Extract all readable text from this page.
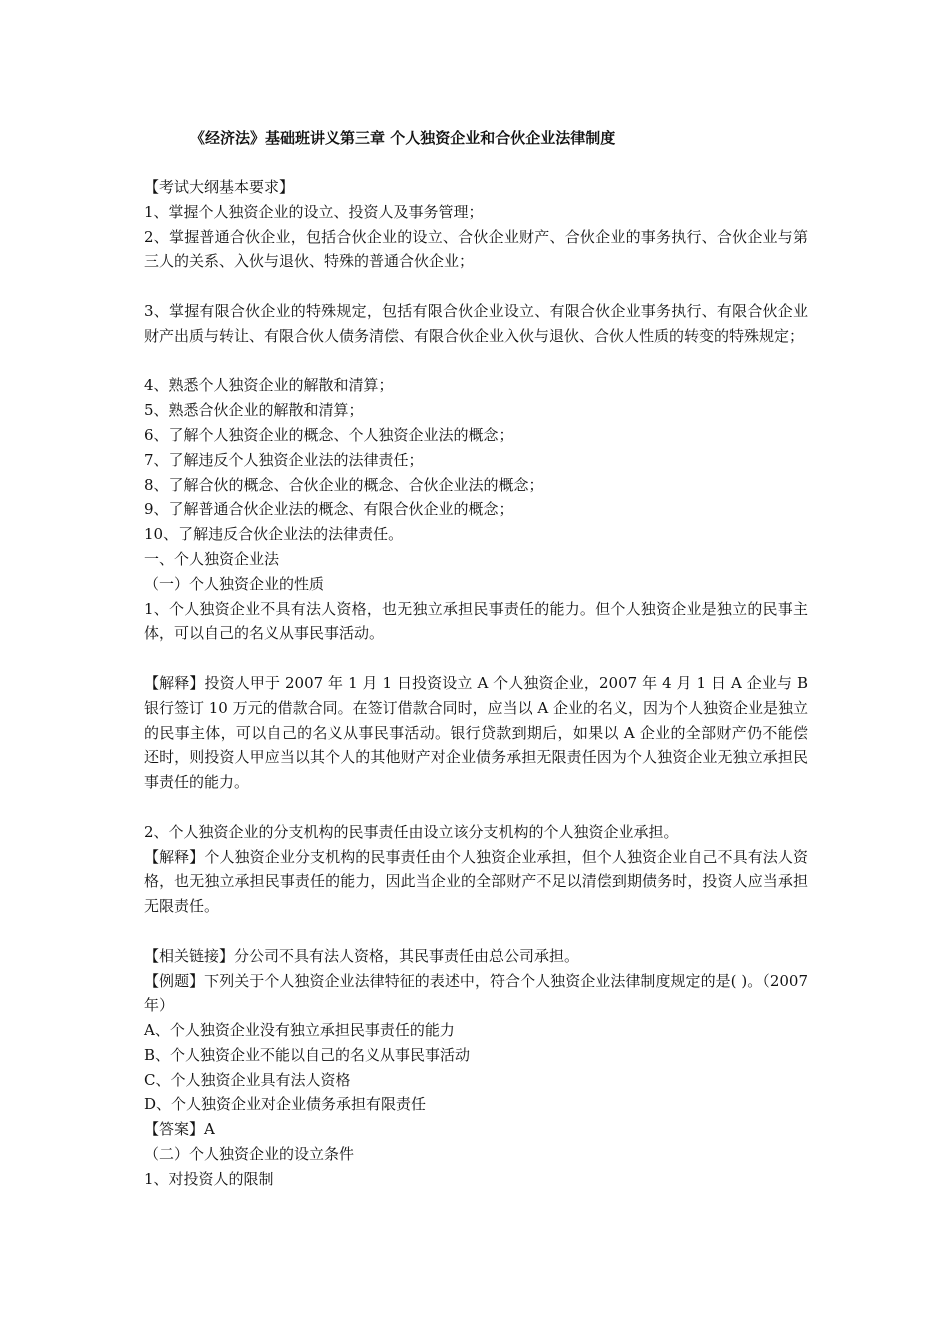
《经济法》基础班讲义第三章 个人独资企业和合伙企业法律制度

【考试大纲基本要求】

1、掌握个人独资企业的设立、投资人及事务管理；

2、掌握普通合伙企业，包括合伙企业的设立、合伙企业财产、合伙企业的事务执行、合伙企业与第三人的关系、入伙与退伙、特殊的普通合伙企业；

3、掌握有限合伙企业的特殊规定，包括有限合伙企业设立、有限合伙企业事务执行、有限合伙企业财产出质与转让、有限合伙人债务清偿、有限合伙企业入伙与退伙、合伙人性质的转变的特殊规定；

4、熟悉个人独资企业的解散和清算；

5、熟悉合伙企业的解散和清算；

6、了解个人独资企业的概念、个人独资企业法的概念；

7、了解违反个人独资企业法的法律责任；

8、了解合伙的概念、合伙企业的概念、合伙企业法的概念；

9、了解普通合伙企业法的概念、有限合伙企业的概念；

10、了解违反合伙企业法的法律责任。

一、个人独资企业法

（一）个人独资企业的性质

1、个人独资企业不具有法人资格，也无独立承担民事责任的能力。但个人独资企业是独立的民事主体，可以自己的名义从事民事活动。

【解释】投资人甲于 2007 年 1 月 1 日投资设立 A 个人独资企业，2007 年 4 月 1 日 A 企业与 B 银行签订 10 万元的借款合同。在签订借款合同时，应当以 A 企业的名义，因为个人独资企业是独立的民事主体，可以自己的名义从事民事活动。银行贷款到期后，如果以 A 企业的全部财产仍不能偿还时，则投资人甲应当以其个人的其他财产对企业债务承担无限责任因为个人独资企业无独立承担民事责任的能力。

2、个人独资企业的分支机构的民事责任由设立该分支机构的个人独资企业承担。

【解释】个人独资企业分支机构的民事责任由个人独资企业承担，但个人独资企业自己不具有法人资格，也无独立承担民事责任的能力，因此当企业的全部财产不足以清偿到期债务时，投资人应当承担无限责任。

【相关链接】分公司不具有法人资格，其民事责任由总公司承担。

【例题】下列关于个人独资企业法律特征的表述中，符合个人独资企业法律制度规定的是( )。（2007 年）

A、个人独资企业没有独立承担民事责任的能力

B、个人独资企业不能以自己的名义从事民事活动

C、个人独资企业具有法人资格

D、个人独资企业对企业债务承担有限责任

【答案】A

（二）个人独资企业的设立条件

1、对投资人的限制
